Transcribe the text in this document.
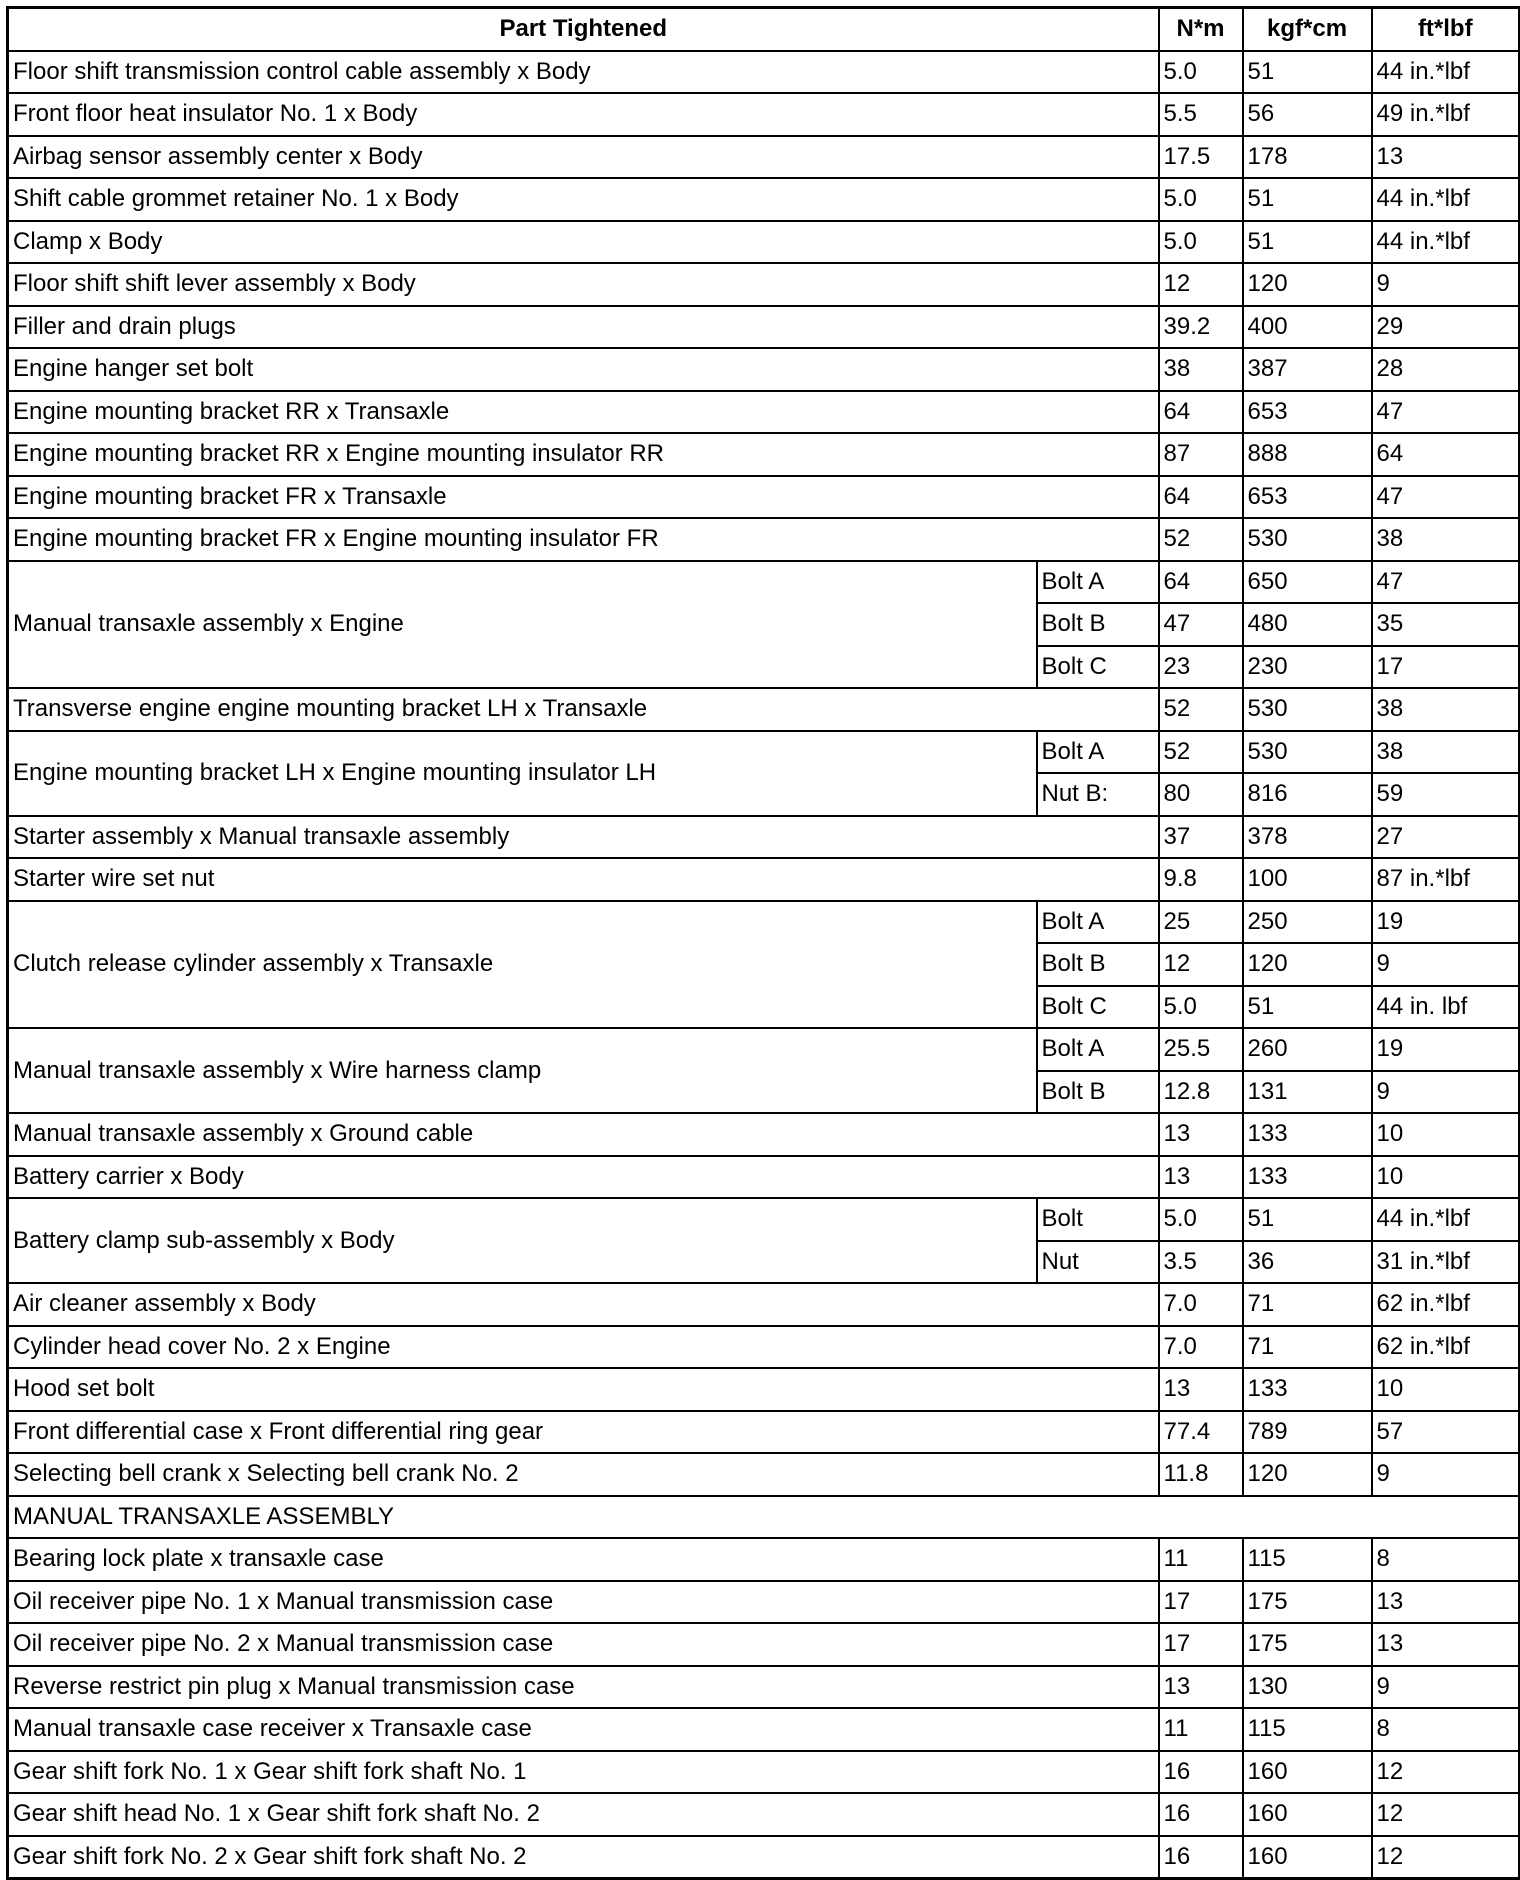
Part Tightened		N*m	kgf*cm	ft*lbf
Floor shift transmission control cable assembly x Body		5.0	51	44 in.*lbf
Front floor heat insulator No. 1 x Body		5.5	56	49 in.*lbf
Airbag sensor assembly center x Body		17.5	178	13
Shift cable grommet retainer No. 1 x Body		5.0	51	44 in.*lbf
Clamp x Body		5.0	51	44 in.*lbf
Floor shift shift lever assembly x Body		12	120	9
Filler and drain plugs		39.2	400	29
Engine hanger set bolt		38	387	28
Engine mounting bracket RR x Transaxle		64	653	47
Engine mounting bracket RR x Engine mounting insulator RR		87	888	64
Engine mounting bracket FR x Transaxle		64	653	47
Engine mounting bracket FR x Engine mounting insulator FR		52	530	38
Manual transaxle assembly x Engine	Bolt A	64	650	47
	Bolt B	47	480	35
	Bolt C	23	230	17
Transverse engine engine mounting bracket LH x Transaxle		52	530	38
Engine mounting bracket LH x Engine mounting insulator LH	Bolt A	52	530	38
	Nut B:	80	816	59
Starter assembly x Manual transaxle assembly		37	378	27
Starter wire set nut		9.8	100	87 in.*lbf
Clutch release cylinder assembly x Transaxle	Bolt A	25	250	19
	Bolt B	12	120	9
	Bolt C	5.0	51	44 in. lbf
Manual transaxle assembly x Wire harness clamp	Bolt A	25.5	260	19
	Bolt B	12.8	131	9
Manual transaxle assembly x Ground cable		13	133	10
Battery carrier x Body		13	133	10
Battery clamp sub-assembly x Body	Bolt	5.0	51	44 in.*lbf
	Nut	3.5	36	31 in.*lbf
Air cleaner assembly x Body		7.0	71	62 in.*lbf
Cylinder head cover No. 2 x Engine		7.0	71	62 in.*lbf
Hood set bolt		13	133	10
Front differential case x Front differential ring gear		77.4	789	57
Selecting bell crank x Selecting bell crank No. 2		11.8	120	9
MANUAL TRANSAXLE ASSEMBLY				
Bearing lock plate x transaxle case		11	115	8
Oil receiver pipe No. 1 x Manual transmission case		17	175	13
Oil receiver pipe No. 2 x Manual transmission case		17	175	13
Reverse restrict pin plug x Manual transmission case		13	130	9
Manual transaxle case receiver x Transaxle case		11	115	8
Gear shift fork No. 1 x Gear shift fork shaft No. 1		16	160	12
Gear shift head No. 1 x Gear shift fork shaft No. 2		16	160	12
Gear shift fork No. 2 x Gear shift fork shaft No. 2		16	160	12
